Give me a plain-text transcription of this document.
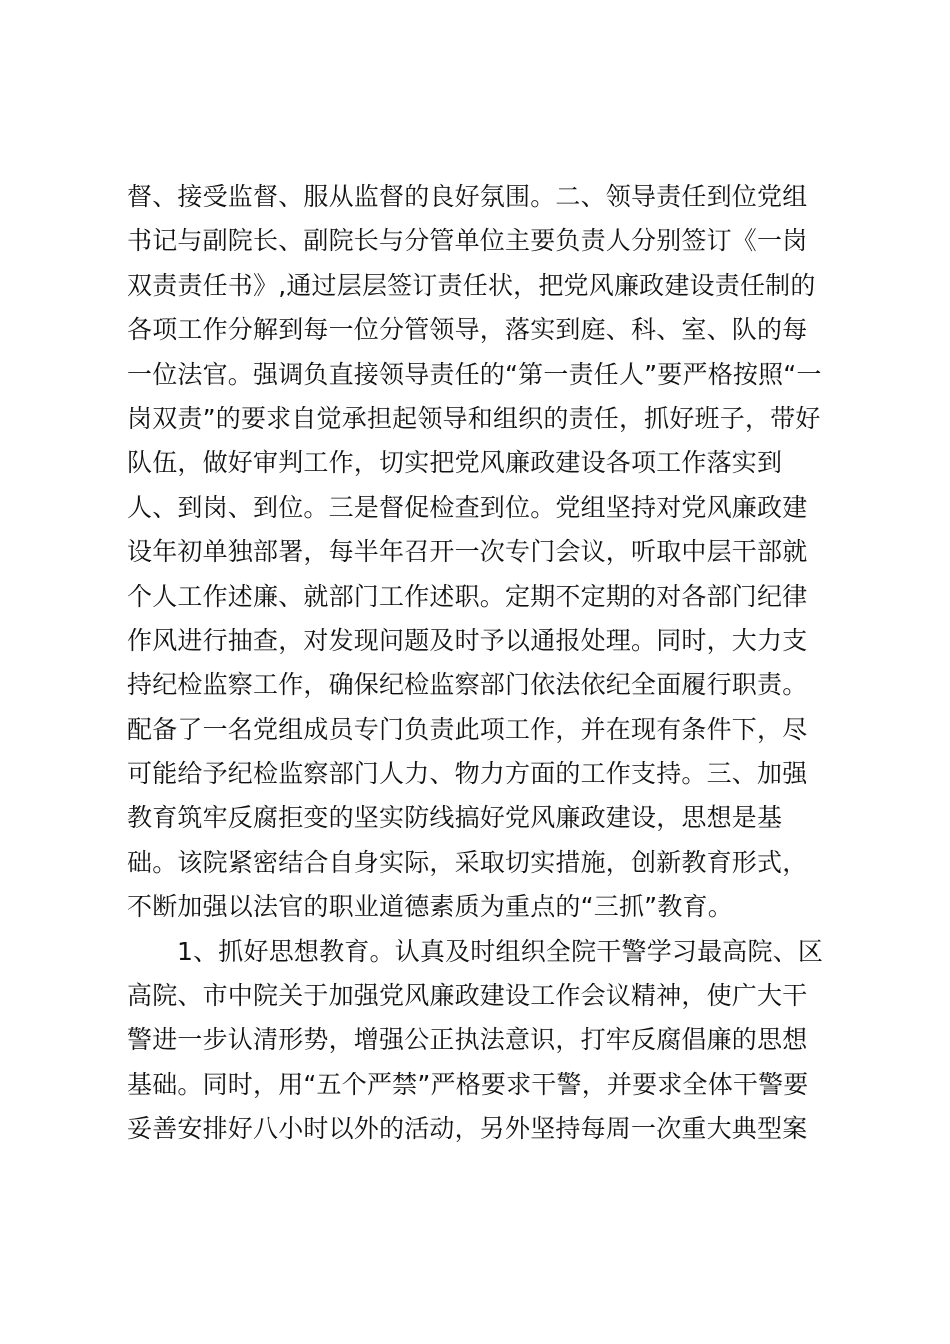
督、接受监督、服从监督的良好氛围。二、领导责任到位党组
书记与副院长、副院长与分管单位主要负责人分别签订《一岗
双责责任书》,通过层层签订责任状，把党风廉政建设责任制的
各项工作分解到每一位分管领导，落实到庭、科、室、队的每
一位法官。强调负直接领导责任的“第一责任人”要严格按照“一
岗双责”的要求自觉承担起领导和组织的责任，抓好班子，带好
队伍，做好审判工作，切实把党风廉政建设各项工作落实到
人、到岗、到位。三是督促检查到位。党组坚持对党风廉政建
设年初单独部署，每半年召开一次专门会议，听取中层干部就
个人工作述廉、就部门工作述职。定期不定期的对各部门纪律
作风进行抽查，对发现问题及时予以通报处理。同时，大力支
持纪检监察工作，确保纪检监察部门依法依纪全面履行职责。
配备了一名党组成员专门负责此项工作，并在现有条件下，尽
可能给予纪检监察部门人力、物力方面的工作支持。三、加强
教育筑牢反腐拒变的坚实防线搞好党风廉政建设，思想是基
础。该院紧密结合自身实际，采取切实措施，创新教育形式，
不断加强以法官的职业道德素质为重点的“三抓”教育。
1、抓好思想教育。认真及时组织全院干警学习最高院、区
高院、市中院关于加强党风廉政建设工作会议精神，使广大干
警进一步认清形势，增强公正执法意识，打牢反腐倡廉的思想
基础。同时，用“五个严禁”严格要求干警，并要求全体干警要
妥善安排好八小时以外的活动，另外坚持每周一次重大典型案
